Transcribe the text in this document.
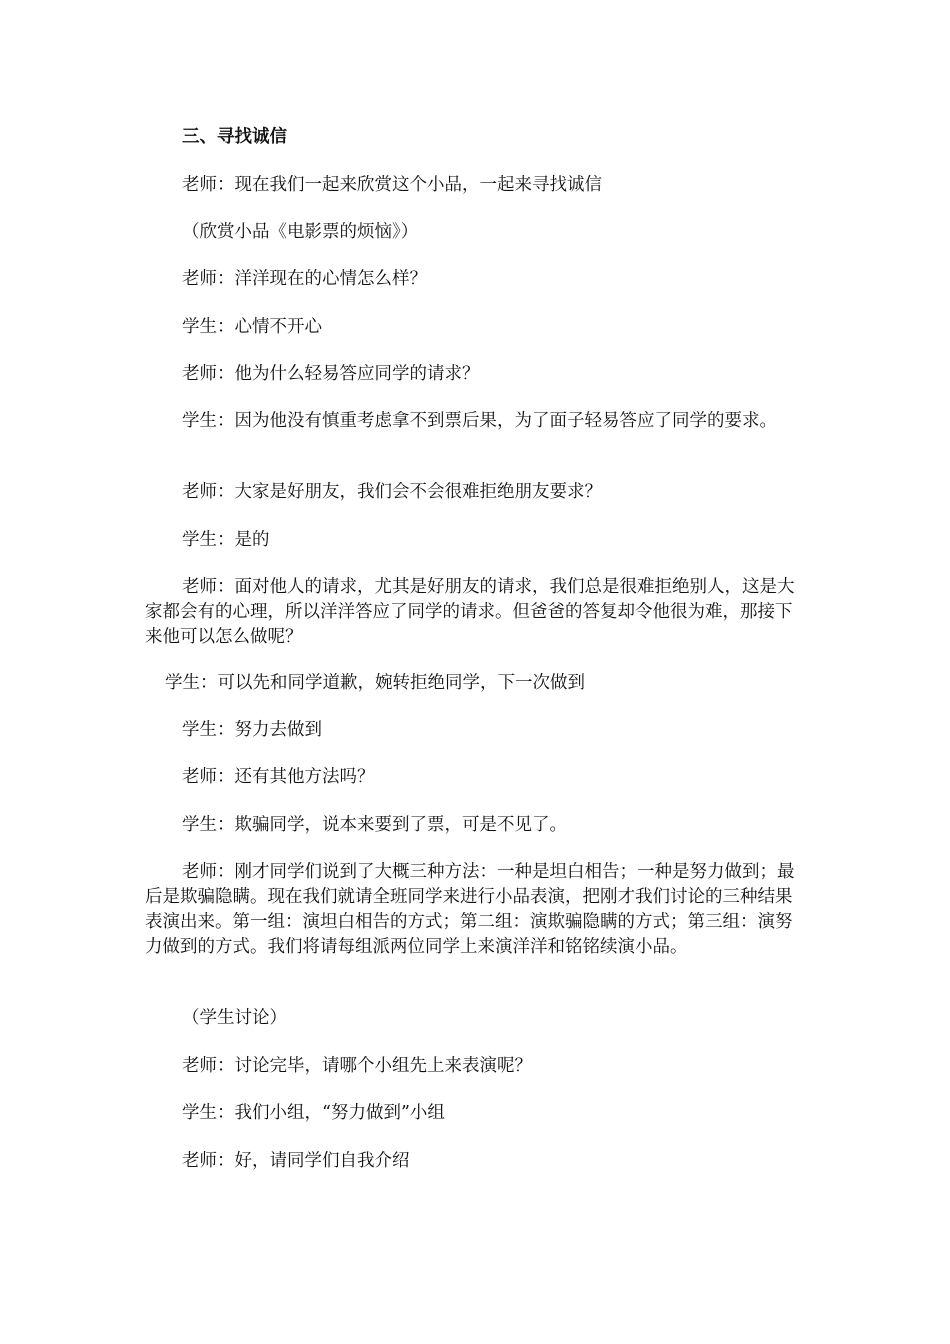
三、寻找诚信

老师：现在我们一起来欣赏这个小品，一起来寻找诚信

（欣赏小品《电影票的烦恼》）

老师：洋洋现在的心情怎么样？

学生：心情不开心

老师：他为什么轻易答应同学的请求？

学生：因为他没有慎重考虑拿不到票后果，为了面子轻易答应了同学的要求。

老师：大家是好朋友，我们会不会很难拒绝朋友要求？

学生：是的

老师：面对他人的请求，尤其是好朋友的请求，我们总是很难拒绝别人，这是大家都会有的心理，所以洋洋答应了同学的请求。但爸爸的答复却令他很为难，那接下来他可以怎么做呢？

学生：可以先和同学道歉，婉转拒绝同学，下一次做到

学生：努力去做到

老师：还有其他方法吗？

学生：欺骗同学，说本来要到了票，可是不见了。

老师：刚才同学们说到了大概三种方法：一种是坦白相告；一种是努力做到；最后是欺骗隐瞒。现在我们就请全班同学来进行小品表演，把刚才我们讨论的三种结果表演出来。第一组：演坦白相告的方式；第二组：演欺骗隐瞒的方式；第三组：演努力做到的方式。我们将请每组派两位同学上来演洋洋和铭铭续演小品。

（学生讨论）

老师：讨论完毕，请哪个小组先上来表演呢？

学生：我们小组，“努力做到”小组

老师：好，请同学们自我介绍
